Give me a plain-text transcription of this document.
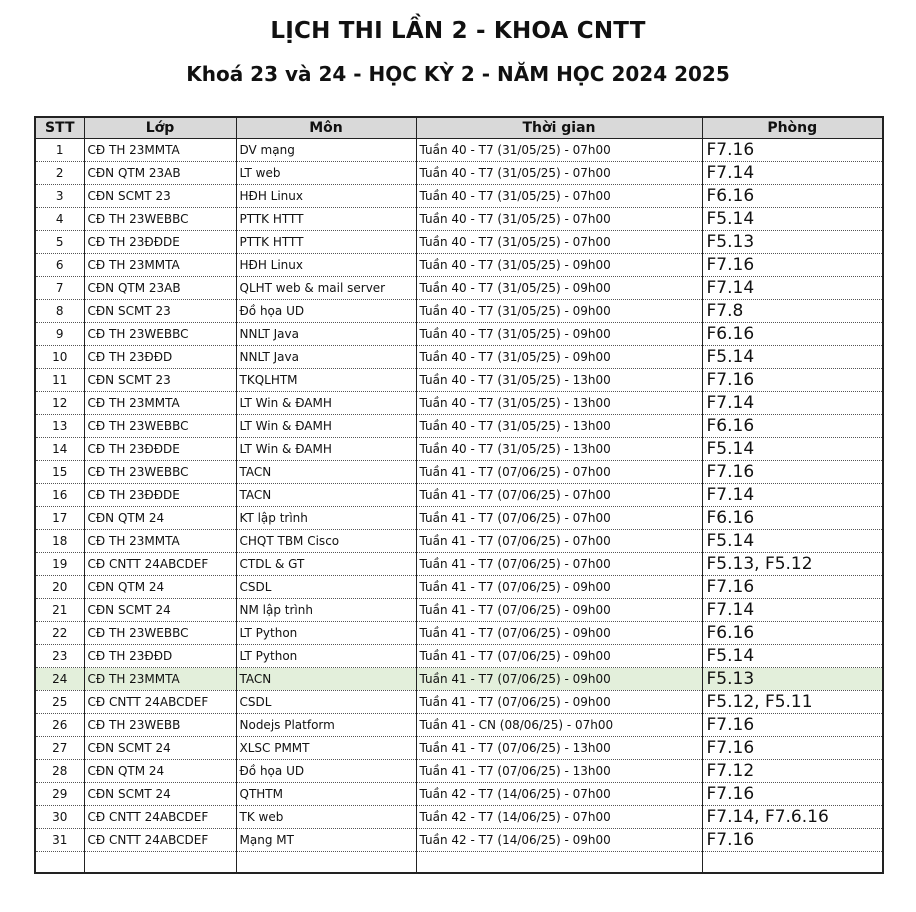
LỊCH THI LẦN 2 - KHOA CNTT
Khoá 23 và 24 - HỌC KỲ 2 - NĂM HỌC 2024 2025
STT	Lớp	Môn	Thời gian	Phòng
1	CĐ TH 23MMTA	DV mạng	Tuần 40 - T7 (31/05/25) - 07h00	F7.16
2	CĐN QTM 23AB	LT web	Tuần 40 - T7 (31/05/25) - 07h00	F7.14
3	CĐN SCMT 23	HĐH Linux	Tuần 40 - T7 (31/05/25) - 07h00	F6.16
4	CĐ TH 23WEBBC	PTTK HTTT	Tuần 40 - T7 (31/05/25) - 07h00	F5.14
5	CĐ TH 23ĐĐDE	PTTK HTTT	Tuần 40 - T7 (31/05/25) - 07h00	F5.13
6	CĐ TH 23MMTA	HĐH Linux	Tuần 40 - T7 (31/05/25) - 09h00	F7.16
7	CĐN QTM 23AB	QLHT web & mail server	Tuần 40 - T7 (31/05/25) - 09h00	F7.14
8	CĐN SCMT 23	Đồ họa UD	Tuần 40 - T7 (31/05/25) - 09h00	F7.8
9	CĐ TH 23WEBBC	NNLT Java	Tuần 40 - T7 (31/05/25) - 09h00	F6.16
10	CĐ TH 23ĐĐD	NNLT Java	Tuần 40 - T7 (31/05/25) - 09h00	F5.14
11	CĐN SCMT 23	TKQLHTM	Tuần 40 - T7 (31/05/25) - 13h00	F7.16
12	CĐ TH 23MMTA	LT Win & ĐAMH	Tuần 40 - T7 (31/05/25) - 13h00	F7.14
13	CĐ TH 23WEBBC	LT Win & ĐAMH	Tuần 40 - T7 (31/05/25) - 13h00	F6.16
14	CĐ TH 23ĐĐDE	LT Win & ĐAMH	Tuần 40 - T7 (31/05/25) - 13h00	F5.14
15	CĐ TH 23WEBBC	TACN	Tuần 41 - T7 (07/06/25) - 07h00	F7.16
16	CĐ TH 23ĐĐDE	TACN	Tuần 41 - T7 (07/06/25) - 07h00	F7.14
17	CĐN QTM 24	KT lập trình	Tuần 41 - T7 (07/06/25) - 07h00	F6.16
18	CĐ TH 23MMTA	CHQT TBM Cisco	Tuần 41 - T7 (07/06/25) - 07h00	F5.14
19	CĐ CNTT 24ABCDEF	CTDL & GT	Tuần 41 - T7 (07/06/25) - 07h00	F5.13, F5.12
20	CĐN QTM 24	CSDL	Tuần 41 - T7 (07/06/25) - 09h00	F7.16
21	CĐN SCMT 24	NM lập trình	Tuần 41 - T7 (07/06/25) - 09h00	F7.14
22	CĐ TH 23WEBBC	LT Python	Tuần 41 - T7 (07/06/25) - 09h00	F6.16
23	CĐ TH 23ĐĐD	LT Python	Tuần 41 - T7 (07/06/25) - 09h00	F5.14
24	CĐ TH 23MMTA	TACN	Tuần 41 - T7 (07/06/25) - 09h00	F5.13
25	CĐ CNTT 24ABCDEF	CSDL	Tuần 41 - T7 (07/06/25) - 09h00	F5.12, F5.11
26	CĐ TH 23WEBB	Nodejs Platform	Tuần 41 - CN (08/06/25) - 07h00	F7.16
27	CĐN SCMT 24	XLSC PMMT	Tuần 41 - T7 (07/06/25) - 13h00	F7.16
28	CĐN QTM 24	Đồ họa UD	Tuần 41 - T7 (07/06/25) - 13h00	F7.12
29	CĐN SCMT 24	QTHTM	Tuần 42 - T7 (14/06/25) - 07h00	F7.16
30	CĐ CNTT 24ABCDEF	TK web	Tuần 42 - T7 (14/06/25) - 07h00	F7.14, F7.6.16
31	CĐ CNTT 24ABCDEF	Mạng MT	Tuần 42 - T7 (14/06/25) - 09h00	F7.16
